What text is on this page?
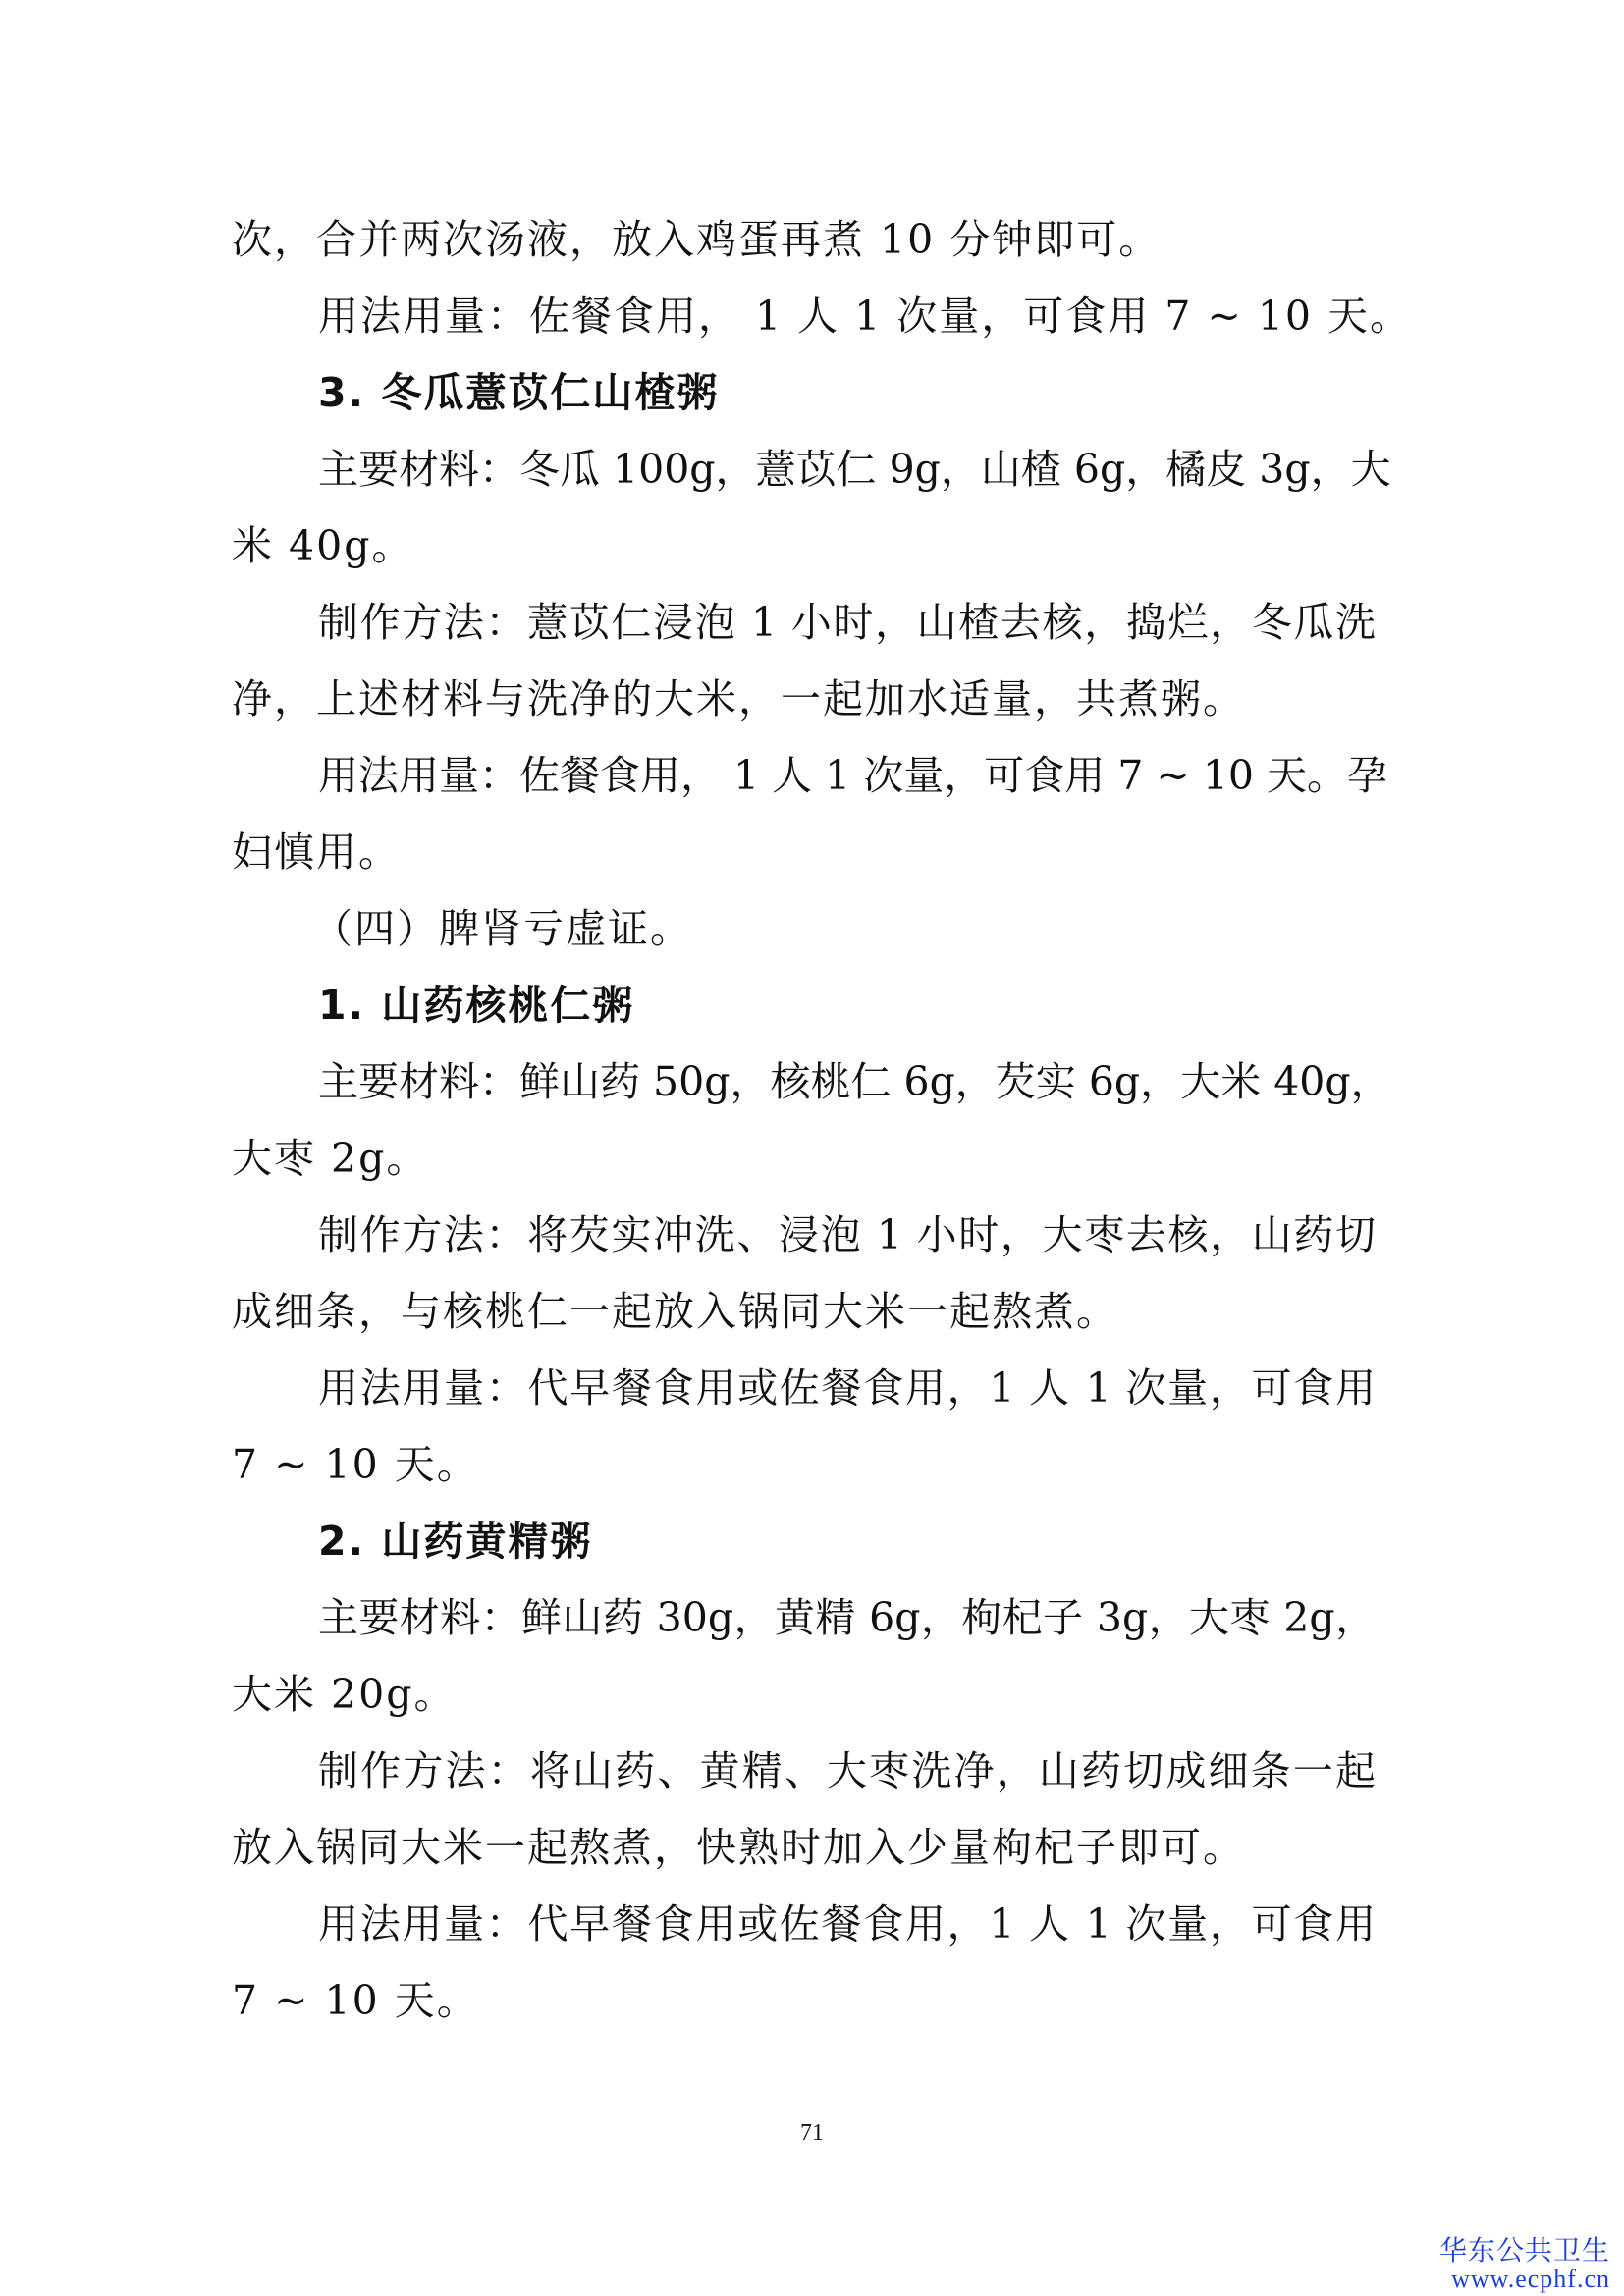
次，合并两次汤液，放入鸡蛋再煮 10 分钟即可。
用法用量：佐餐食用， 1 人 1 次量，可食用 7 ~ 10 天。
3. 冬瓜薏苡仁山楂粥
主要材料：冬瓜 100g，薏苡仁 9g，山楂 6g，橘皮 3g，大
米 40g。
制作方法：薏苡仁浸泡 1 小时，山楂去核，捣烂，冬瓜洗
净，上述材料与洗净的大米，一起加水适量，共煮粥。
用法用量：佐餐食用， 1 人 1 次量，可食用 7 ~ 10 天。孕
妇慎用。
（四）脾肾亏虚证。
1. 山药核桃仁粥
主要材料：鲜山药 50g，核桃仁 6g，芡实 6g，大米 40g，
大枣 2g。
制作方法：将芡实冲洗、浸泡 1 小时，大枣去核，山药切
成细条，与核桃仁一起放入锅同大米一起熬煮。
用法用量：代早餐食用或佐餐食用，1 人 1 次量，可食用
7 ~ 10 天。
2. 山药黄精粥
主要材料：鲜山药 30g，黄精 6g，枸杞子 3g，大枣 2g，
大米 20g。
制作方法：将山药、黄精、大枣洗净，山药切成细条一起
放入锅同大米一起熬煮，快熟时加入少量枸杞子即可。
用法用量：代早餐食用或佐餐食用，1 人 1 次量，可食用
7 ~ 10 天。
71
华东公共卫生
www.ecphf.cn
